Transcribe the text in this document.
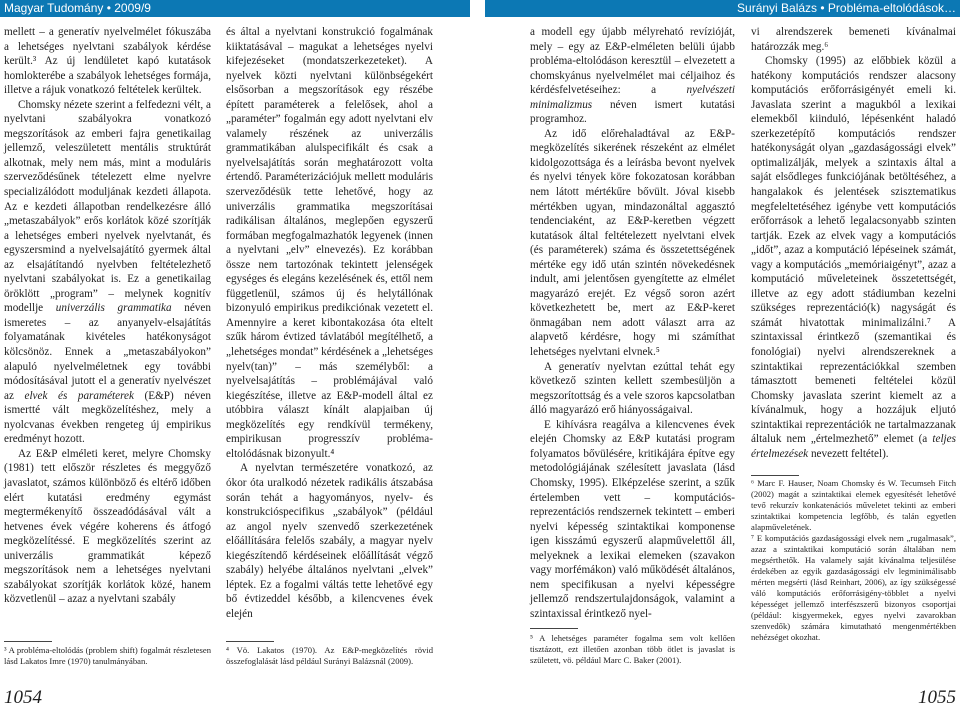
Magyar Tudomány • 2009/9	Surányi Balázs • Probléma-eltolódások…

mellett – a generatív nyelvelmélet fókuszába a lehetséges nyelvtani szabályok kérdése került.³ Az új lendületet kapó kutatások homlokterébe a szabályok lehetséges formája, illetve a rájuk vonatkozó feltételek kerültek.

Chomsky nézete szerint a felfedezni vélt, a nyelvtani szabályokra vonatkozó megszorítások az emberi fajra genetikailag jellemző, veleszületett mentális struktúrát alkotnak, mely nem más, mint a moduláris szerveződésűnek tételezett elme nyelvre specializálódott moduljának kezdeti állapota. Az e kezdeti állapotban rendelkezésre álló „metaszabályok” erős korlátok közé szorítják a lehetséges emberi nyelvek nyelvtanát, és egyszersmind a nyelvelsajátító gyermek által az elsajátítandó nyelvben feltételezhető nyelvtani szabályokat is. Ez a genetikailag öröklött „program” – melynek kognitív modellje univerzális grammatika néven ismeretes – az anyanyelv-elsajátítás folyamatának kivételes hatékonyságot kölcsönöz. Ennek a „metaszabályokon” alapuló nyelvelméletnek egy további módosításával jutott el a generatív nyelvészet az elvek és paraméterek (E&P) néven ismertté vált megközelítéshez, mely a nyolcvanas években rengeteg új empirikus eredményt hozott.

Az E&P elméleti keret, melyre Chomsky (1981) tett először részletes és meggyőző javaslatot, számos különböző és eltérő időben elért kutatási eredmény egymást megtermékenyítő összeadódásával vált a hetvenes évek végére koherens és átfogó megközelítéssé. E megközelítés szerint az univerzális grammatikát képező megszorítások nem a lehetséges nyelvtani szabályokat szorítják korlátok közé, hanem közvetlenül – azaz a nyelvtani szabály

³ A probléma-eltolódás (problem shift) fogalmát részletesen lásd Lakatos Imre (1970) tanulmányában.

és által a nyelvtani konstrukció fogalmának kiiktatásával – magukat a lehetséges nyelvi kifejezéseket (mondatszerkezeteket). A nyelvek közti nyelvtani különbségekért elsősorban a megszorítások egy részébe épített paraméterek a felelősek, ahol a „paraméter” fogalmán egy adott nyelvtani elv valamely részének az univerzális grammatikában alulspecifikált és csak a nyelvelsajátítás során meghatározott volta értendő. Paraméterizációjuk mellett moduláris szerveződésük tette lehetővé, hogy az univerzális grammatika megszorításai radikálisan általános, meglepően egyszerű formában megfogalmazhatók legyenek (innen a nyelvtani „elv” elnevezés). Ez korábban össze nem tartozónak tekintett jelenségek egységes és elegáns kezelésének és, ettől nem függetlenül, számos új és helytállónak bizonyuló empirikus predikciónak vezetett el. Amennyire a keret kibontakozása óta eltelt szűk három évtized távlatából megítélhető, a „lehetséges mondat” kérdésének a „lehetséges nyelv(tan)” – más személyből: a nyelvelsajátítás – problémájával való kiegészítése, illetve az E&P-modell által ez utóbbira választ kínált alapjaiban új megközelítés egy rendkívül termékeny, empirikusan progresszív probléma-eltolódásnak bizonyult.⁴

A nyelvtan természetére vonatkozó, az ókor óta uralkodó nézetek radikális átszabása során tehát a hagyományos, nyelv- és konstrukcióspecifikus „szabályok” (például az angol nyelv szenvedő szerkezetének előállítására felelős szabály, a magyar nyelv kiegészítendő kérdéseinek előállítását végző szabály) helyébe általános nyelvtani „elvek” léptek. Ez a fogalmi váltás tette lehetővé egy bő évtizeddel később, a kilencvenes évek elején

⁴ Vö. Lakatos (1970). Az E&P-megközelítés rövid összefoglalását lásd például Surányi Balázsnál (2009).

a modell egy újabb mélyreható revízióját, mely – egy az E&P-elméleten belüli újabb probléma-eltolódáson keresztül – elvezetett a chomskyánus nyelvelmélet mai céljaihoz és kérdésfelvetéseihez: a nyelvészeti minimalizmus néven ismert kutatási programhoz.

Az idő előrehaladtával az E&P-megközelítés sikerének részeként az elmélet kidolgozottsága és a leírásba bevont nyelvek és nyelvi tények köre fokozatosan korábban nem látott mértékűre bővült. Jóval kisebb mértékben ugyan, mindazonáltal aggasztó tendenciaként, az E&P-keretben végzett kutatások által feltételezett nyelvtani elvek (és paraméterek) száma és összetettségének mértéke egy idő után szintén növekedésnek indult, ami jelentősen gyengítette az elmélet magyarázó erejét. Ez végső soron azért következhetett be, mert az E&P-keret önmagában nem adott választ arra az alapvető kérdésre, hogy mi számíthat lehetséges nyelvtani elvnek.⁵

A generatív nyelvtan ezúttal tehát egy következő szinten kellett szembesüljön a megszorítottság és a vele szoros kapcsolatban álló magyarázó erő hiányosságaival.

E kihívásra reagálva a kilencvenes évek elején Chomsky az E&P kutatási program folyamatos bővülésére, kritikájára építve egy metodológiájának szélesített javaslata (lásd Chomsky, 1995). Elképzelése szerint, a szűk értelemben vett – komputációs-reprezentációs rendszernek tekintett – emberi nyelvi képesség szintaktikai komponense igen kisszámú egyszerű alapművelettől áll, melyeknek a lexikai elemeken (szavakon vagy morfémákon) való működését általános, nem specifikusan a nyelvi képességre jellemző rendszertulajdonságok, valamint a szintaxissal érintkező nyel-

⁵ A lehetséges paraméter fogalma sem volt kellően tisztázott, ezt illetően azonban több ötlet is javaslat is született, vö. például Marc C. Baker (2001).

vi alrendszerek bemeneti kívánalmai határozzák meg.⁶

Chomsky (1995) az előbbiek közül a hatékony komputációs rendszer alacsony komputációs erőforrásigényét emeli ki. Javaslata szerint a magukból a lexikai elemekből kiinduló, lépésenként haladó szerkezetépítő komputációs rendszer hatékonyságát olyan „gazdaságossági elvek” optimalizálják, melyek a szintaxis által a saját elsődleges funkciójának betöltéséhez, a hangalakok és jelentések szisztematikus megfeleltetéséhez igénybe vett komputációs erőforrások a lehető legalacsonyabb szinten tartják. Ezek az elvek vagy a komputációs „időt”, azaz a komputáció lépéseinek számát, vagy a komputációs „memóriaigényt”, azaz a komputáció műveleteinek összetettségét, illetve az egy adott stádiumban kezelni szükséges reprezentáció(k) nagyságát és számát hivatottak minimalizálni.⁷ A szintaxissal érintkező (szemantikai és fonológiai) nyelvi alrendszereknek a szintaktikai reprezentációkkal szemben támasztott bemeneti feltételei közül Chomsky javaslata szerint kiemelt az a kívánalmuk, hogy a hozzájuk eljutó szintaktikai reprezentációk ne tartalmazzanak általuk nem „értelmezhető” elemet (a teljes értelmezések nevezett feltétel).

⁶ Marc F. Hauser, Noam Chomsky és W. Tecumseh Fitch (2002) magát a szintaktikai elemek egyesítését lehetővé tevő rekurzív konkatenációs műveletet tekinti az emberi szintaktikai kompetencia legfőbb, és talán egyetlen alapműveletének.

⁷ E komputációs gazdaságossági elvek nem „rugalmasak”, azaz a szintaktikai komputáció során általában nem megsérthetők. Ha valamely saját kívánalma teljesülése érdekében az egyik gazdaságossági elv legminimálisabb mérten megsérti (lásd Reinhart, 2006), az így szükségessé váló komputációs erőforrásigény-többlet a nyelvi képességet jellemző interfészszerű bizonyos csoportjai (például: kisgyermekek, egyes nyelvi zavarokban szenvedők) számára kimutatható mengenmértékben nehézséget okozhat.

1054	1055
